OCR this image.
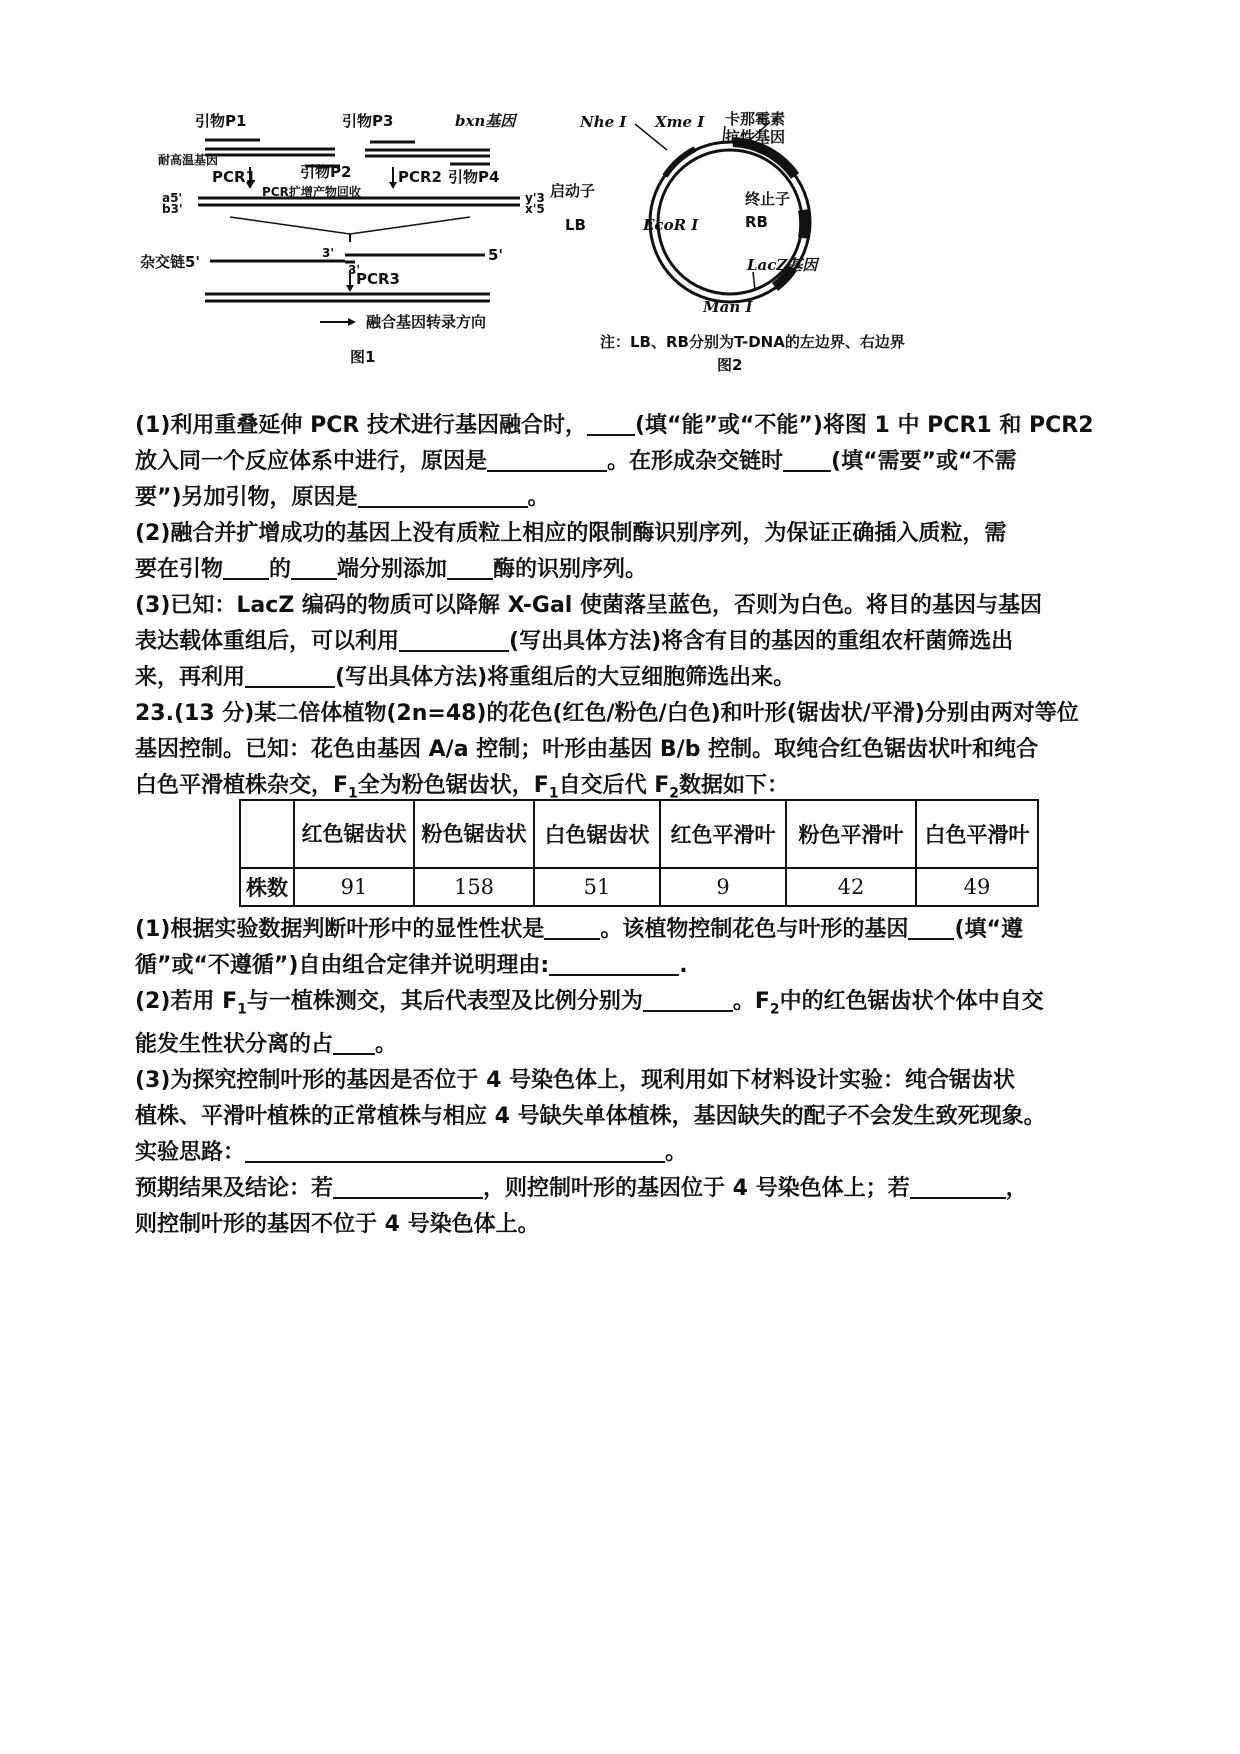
引物P1	引物P3	bxn基因
耐高温基因
PCR1	引物P2
PCR扩增产物回收
PCR2 引物P4
a5'
b3'
y'3
x'5
3'
3'
杂交链5'	5'
PCR3
融合基因转录方向
图1
Nhe Ⅰ Xme Ⅰ 卡那霉素
抗性基因
启动子
LB	EcoR Ⅰ
终止子
RB
LacZ基因
Man Ⅰ
注：LB、RB分别为T-DNA的左边界、右边界
图2

(1)利用重叠延伸 PCR 技术进行基因融合时， (填“能”或“不能”)将图 1 中 PCR1 和 PCR2
放入同一个反应体系中进行，原因是	。在形成杂交链时 (填“需要”或“不需
要”)另加引物，原因是	。

(2)融合并扩增成功的基因上没有质粒上相应的限制酶识别序列，为保证正确插入质粒，需
要在引物 的 端分别添加 酶的识别序列。

(3)已知：LacZ 编码的物质可以降解 X-Gal 使菌落呈蓝色，否则为白色。将目的基因与基因
表达载体重组后，可以利用	(写出具体方法)将含有目的基因的重组农杆菌筛选出
来，再利用	(写出具体方法)将重组后的大豆细胞筛选出来。

23.(13 分)某二倍体植物(2n=48)的花色(红色/粉色/白色)和叶形(锯齿状/平滑)分别由两对等位
基因控制。已知：花色由基因 A/a 控制；叶形由基因 B/b 控制。取纯合红色锯齿状叶和纯合
白色平滑植株杂交，$F_1$全为粉色锯齿状，$F_1$自交后代 $F_2$数据如下：

	红色锯齿状	粉色锯齿状	白色锯齿状	红色平滑叶	粉色平滑叶	白色平滑叶
株数	91	158	51	9	42	49

(1)根据实验数据判断叶形中的显性性状是	。该植物控制花色与叶形的基因 (填“遵
循”或“不遵循”)自由组合定律并说明理由:	.

(2)若用 $F_1$与一植株测交，其后代表型及比例分别为	。$F_2$中的红色锯齿状个体中自交
能发生性状分离的占 。

(3)为探究控制叶形的基因是否位于 4 号染色体上，现利用如下材料设计实验：纯合锯齿状
植株、平滑叶植株的正常植株与相应 4 号缺失单体植株，基因缺失的配子不会发生致死现象。
实验思路：	。
预期结果及结论：若	，则控制叶形的基因位于 4 号染色体上；若	，
则控制叶形的基因不位于 4 号染色体上。
